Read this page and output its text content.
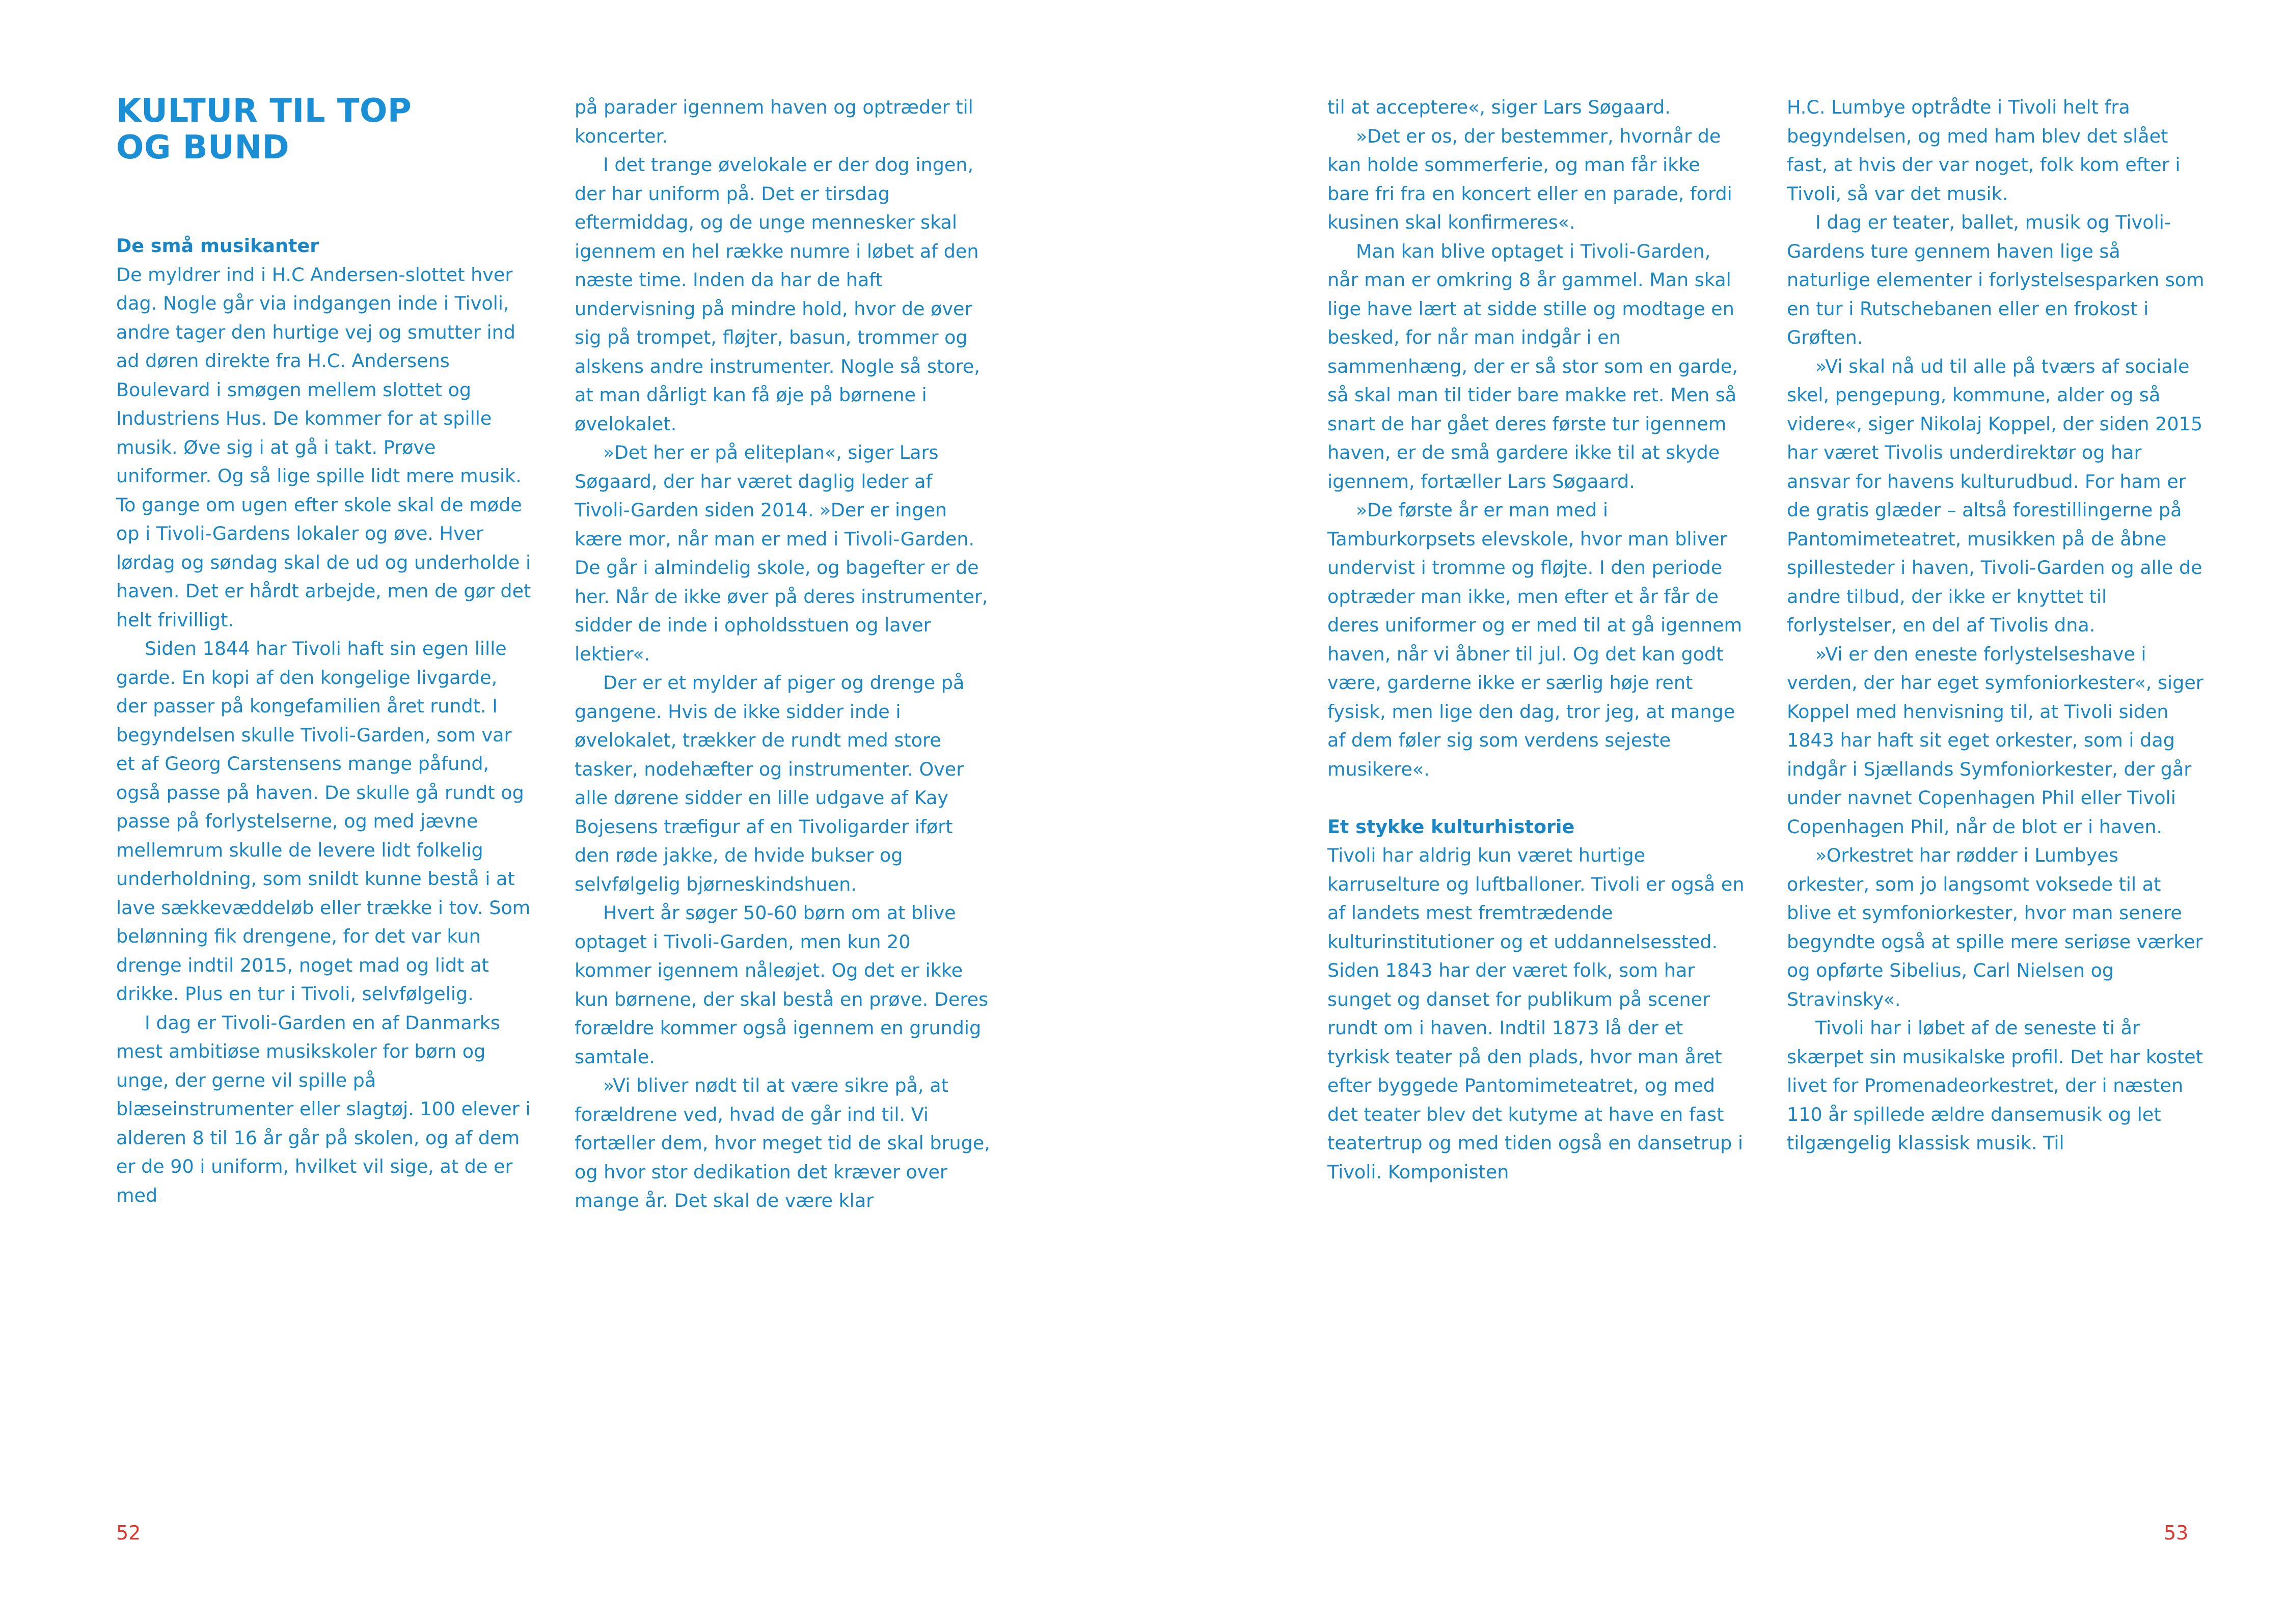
KULTUR TIL TOP
OG BUND
De små musikanter

De myldrer ind i H.C Andersen-slottet hver dag. Nogle går via indgangen inde i Tivoli, andre tager den hurtige vej og smutter ind ad døren direkte fra H.C. Andersens Boulevard i smøgen mellem slottet og Industriens Hus. De kommer for at spille musik. Øve sig i at gå i takt. Prøve uniformer. Og så lige spille lidt mere musik. To gange om ugen efter skole skal de møde op i Tivoli-Gardens lokaler og øve. Hver lørdag og søndag skal de ud og underholde i haven. Det er hårdt arbejde, men de gør det helt frivilligt.

Siden 1844 har Tivoli haft sin egen lille garde. En kopi af den kongelige livgarde, der passer på kongefamilien året rundt. I begyndelsen skulle Tivoli-Garden, som var et af Georg Carstensens mange påfund, også passe på haven. De skulle gå rundt og passe på forlystelserne, og med jævne mellemrum skulle de levere lidt folkelig underholdning, som snildt kunne bestå i at lave sækkevæddeløb eller trække i tov. Som belønning fik drengene, for det var kun drenge indtil 2015, noget mad og lidt at drikke. Plus en tur i Tivoli, selvfølgelig.

I dag er Tivoli-Garden en af Danmarks mest ambitiøse musikskoler for børn og unge, der gerne vil spille på blæseinstrumenter eller slagtøj. 100 elever i alderen 8 til 16 år går på skolen, og af dem er de 90 i uniform, hvilket vil sige, at de er med

på parader igennem haven og optræder til koncerter.

I det trange øvelokale er der dog ingen, der har uniform på. Det er tirsdag eftermiddag, og de unge mennesker skal igennem en hel række numre i løbet af den næste time. Inden da har de haft undervisning på mindre hold, hvor de øver sig på trompet, fløjter, basun, trommer og alskens andre instrumenter. Nogle så store, at man dårligt kan få øje på børnene i øvelokalet.

»Det her er på eliteplan«, siger Lars Søgaard, der har været daglig leder af Tivoli-Garden siden 2014. »Der er ingen kære mor, når man er med i Tivoli-Garden. De går i almindelig skole, og bagefter er de her. Når de ikke øver på deres instrumenter, sidder de inde i opholdsstuen og laver lektier«.

Der er et mylder af piger og drenge på gangene. Hvis de ikke sidder inde i øvelokalet, trækker de rundt med store tasker, nodehæfter og instrumenter. Over alle dørene sidder en lille udgave af Kay Bojesens træfigur af en Tivoligarder iført den røde jakke, de hvide bukser og selvfølgelig bjørneskindshuen.

Hvert år søger 50-60 børn om at blive optaget i Tivoli-Garden, men kun 20 kommer igennem nåleøjet. Og det er ikke kun børnene, der skal bestå en prøve. Deres forældre kommer også igennem en grundig samtale.

»Vi bliver nødt til at være sikre på, at forældrene ved, hvad de går ind til. Vi fortæller dem, hvor meget tid de skal bruge, og hvor stor dedikation det kræver over mange år. Det skal de være klar

52

til at acceptere«, siger Lars Søgaard.

»Det er os, der bestemmer, hvornår de kan holde sommerferie, og man får ikke bare fri fra en koncert eller en parade, fordi kusinen skal konfirmeres«.

Man kan blive optaget i Tivoli-Garden, når man er omkring 8 år gammel. Man skal lige have lært at sidde stille og modtage en besked, for når man indgår i en sammenhæng, der er så stor som en garde, så skal man til tider bare makke ret. Men så snart de har gået deres første tur igennem haven, er de små gardere ikke til at skyde igennem, fortæller Lars Søgaard.

»De første år er man med i Tamburkorpsets elevskole, hvor man bliver undervist i tromme og fløjte. I den periode optræder man ikke, men efter et år får de deres uniformer og er med til at gå igennem haven, når vi åbner til jul. Og det kan godt være, garderne ikke er særlig høje rent fysisk, men lige den dag, tror jeg, at mange af dem føler sig som verdens sejeste musikere«.

Et stykke kulturhistorie

Tivoli har aldrig kun været hurtige karruselture og luftballoner. Tivoli er også en af landets mest fremtrædende kulturinstitutioner og et uddannelsessted. Siden 1843 har der været folk, som har sunget og danset for publikum på scener rundt om i haven. Indtil 1873 lå der et tyrkisk teater på den plads, hvor man året efter byggede Pantomimeteatret, og med det teater blev det kutyme at have en fast teatertrup og med tiden også en dansetrup i Tivoli. Komponisten

H.C. Lumbye optrådte i Tivoli helt fra begyndelsen, og med ham blev det slået fast, at hvis der var noget, folk kom efter i Tivoli, så var det musik.

I dag er teater, ballet, musik og Tivoli-Gardens ture gennem haven lige så naturlige elementer i forlystelsesparken som en tur i Rutschebanen eller en frokost i Grøften.

»Vi skal nå ud til alle på tværs af sociale skel, pengepung, kommune, alder og så videre«, siger Nikolaj Koppel, der siden 2015 har været Tivolis underdirektør og har ansvar for havens kulturudbud. For ham er de gratis glæder – altså forestillingerne på Pantomimeteatret, musikken på de åbne spillesteder i haven, Tivoli-Garden og alle de andre tilbud, der ikke er knyttet til forlystelser, en del af Tivolis dna.

»Vi er den eneste forlystelseshave i verden, der har eget symfoniorkester«, siger Koppel med henvisning til, at Tivoli siden 1843 har haft sit eget orkester, som i dag indgår i Sjællands Symfoniorkester, der går under navnet Copenhagen Phil eller Tivoli Copenhagen Phil, når de blot er i haven.

»Orkestret har rødder i Lumbyes orkester, som jo langsomt voksede til at blive et symfoniorkester, hvor man senere begyndte også at spille mere seriøse værker og opførte Sibelius, Carl Nielsen og Stravinsky«.

Tivoli har i løbet af de seneste ti år skærpet sin musikalske profil. Det har kostet livet for Promenadeorkestret, der i næsten 110 år spillede ældre dansemusik og let tilgængelig klassisk musik. Til

53
